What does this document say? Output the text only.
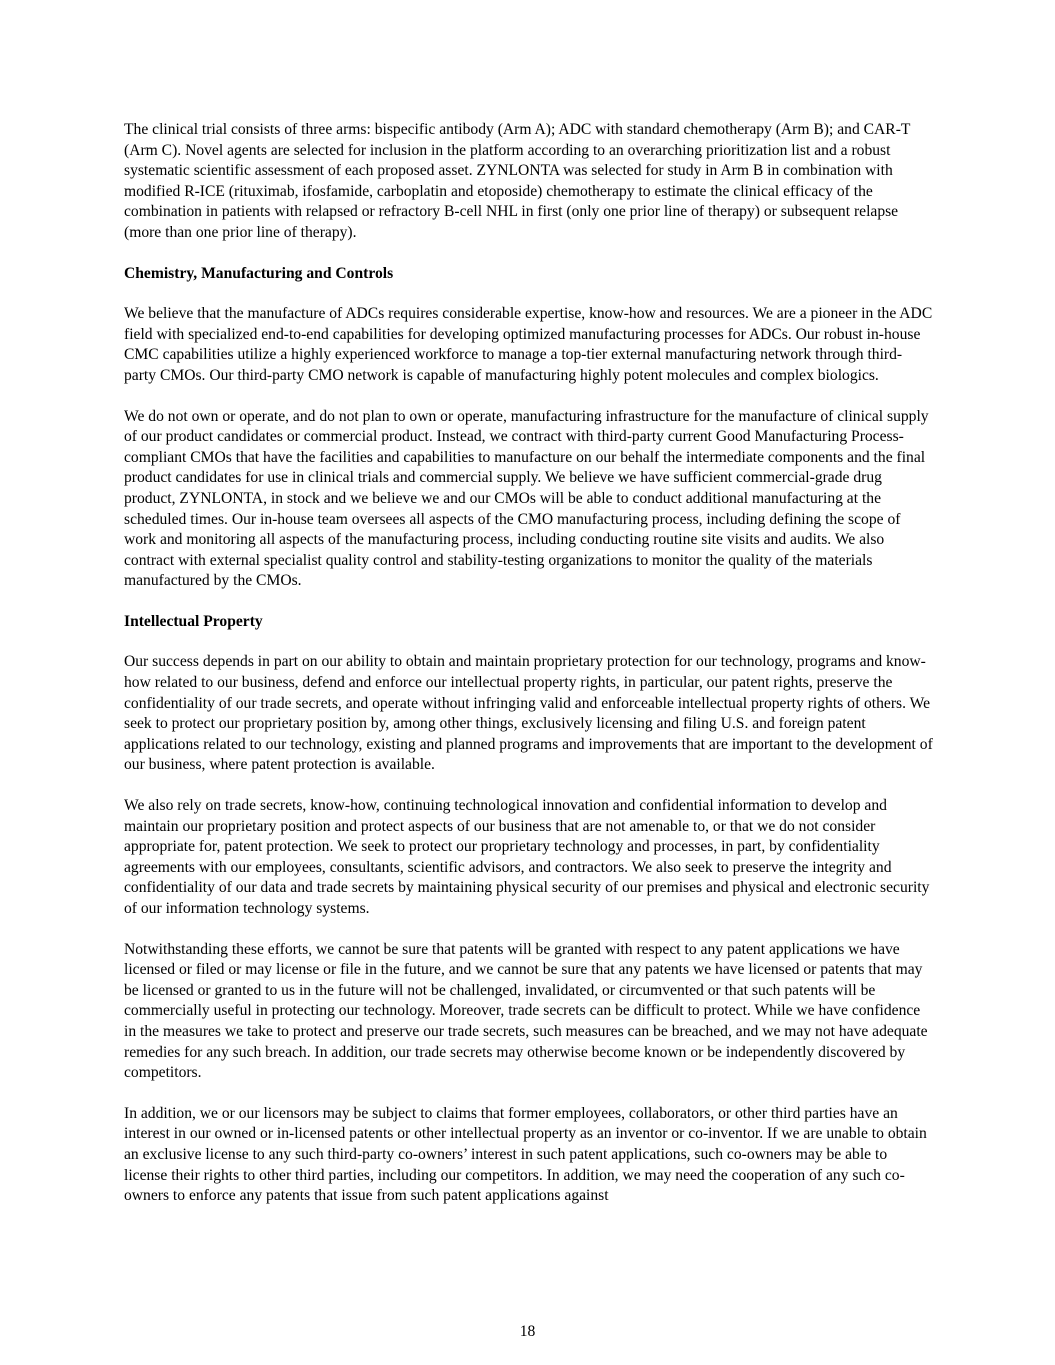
The clinical trial consists of three arms: bispecific antibody (Arm A); ADC with standard chemotherapy (Arm B); and CAR-T (Arm C). Novel agents are selected for inclusion in the platform according to an overarching prioritization list and a robust systematic scientific assessment of each proposed asset. ZYNLONTA was selected for study in Arm B in combination with modified R-ICE (rituximab, ifosfamide, carboplatin and etoposide) chemotherapy to estimate the clinical efficacy of the combination in patients with relapsed or refractory B-cell NHL in first (only one prior line of therapy) or subsequent relapse (more than one prior line of therapy).

Chemistry, Manufacturing and Controls

We believe that the manufacture of ADCs requires considerable expertise, know-how and resources. We are a pioneer in the ADC field with specialized end-to-end capabilities for developing optimized manufacturing processes for ADCs. Our robust in-house CMC capabilities utilize a highly experienced workforce to manage a top-tier external manufacturing network through third-party CMOs. Our third-party CMO network is capable of manufacturing highly potent molecules and complex biologics.

We do not own or operate, and do not plan to own or operate, manufacturing infrastructure for the manufacture of clinical supply of our product candidates or commercial product. Instead, we contract with third-party current Good Manufacturing Process-compliant CMOs that have the facilities and capabilities to manufacture on our behalf the intermediate components and the final product candidates for use in clinical trials and commercial supply. We believe we have sufficient commercial-grade drug product, ZYNLONTA, in stock and we believe we and our CMOs will be able to conduct additional manufacturing at the scheduled times. Our in-house team oversees all aspects of the CMO manufacturing process, including defining the scope of work and monitoring all aspects of the manufacturing process, including conducting routine site visits and audits. We also contract with external specialist quality control and stability-testing organizations to monitor the quality of the materials manufactured by the CMOs.

Intellectual Property

Our success depends in part on our ability to obtain and maintain proprietary protection for our technology, programs and know-how related to our business, defend and enforce our intellectual property rights, in particular, our patent rights, preserve the confidentiality of our trade secrets, and operate without infringing valid and enforceable intellectual property rights of others. We seek to protect our proprietary position by, among other things, exclusively licensing and filing U.S. and foreign patent applications related to our technology, existing and planned programs and improvements that are important to the development of our business, where patent protection is available.

We also rely on trade secrets, know-how, continuing technological innovation and confidential information to develop and maintain our proprietary position and protect aspects of our business that are not amenable to, or that we do not consider appropriate for, patent protection. We seek to protect our proprietary technology and processes, in part, by confidentiality agreements with our employees, consultants, scientific advisors, and contractors. We also seek to preserve the integrity and confidentiality of our data and trade secrets by maintaining physical security of our premises and physical and electronic security of our information technology systems.

Notwithstanding these efforts, we cannot be sure that patents will be granted with respect to any patent applications we have licensed or filed or may license or file in the future, and we cannot be sure that any patents we have licensed or patents that may be licensed or granted to us in the future will not be challenged, invalidated, or circumvented or that such patents will be commercially useful in protecting our technology. Moreover, trade secrets can be difficult to protect. While we have confidence in the measures we take to protect and preserve our trade secrets, such measures can be breached, and we may not have adequate remedies for any such breach. In addition, our trade secrets may otherwise become known or be independently discovered by competitors.

In addition, we or our licensors may be subject to claims that former employees, collaborators, or other third parties have an interest in our owned or in-licensed patents or other intellectual property as an inventor or co-inventor. If we are unable to obtain an exclusive license to any such third-party co-owners’ interest in such patent applications, such co-owners may be able to license their rights to other third parties, including our competitors. In addition, we may need the cooperation of any such co-owners to enforce any patents that issue from such patent applications against

18
